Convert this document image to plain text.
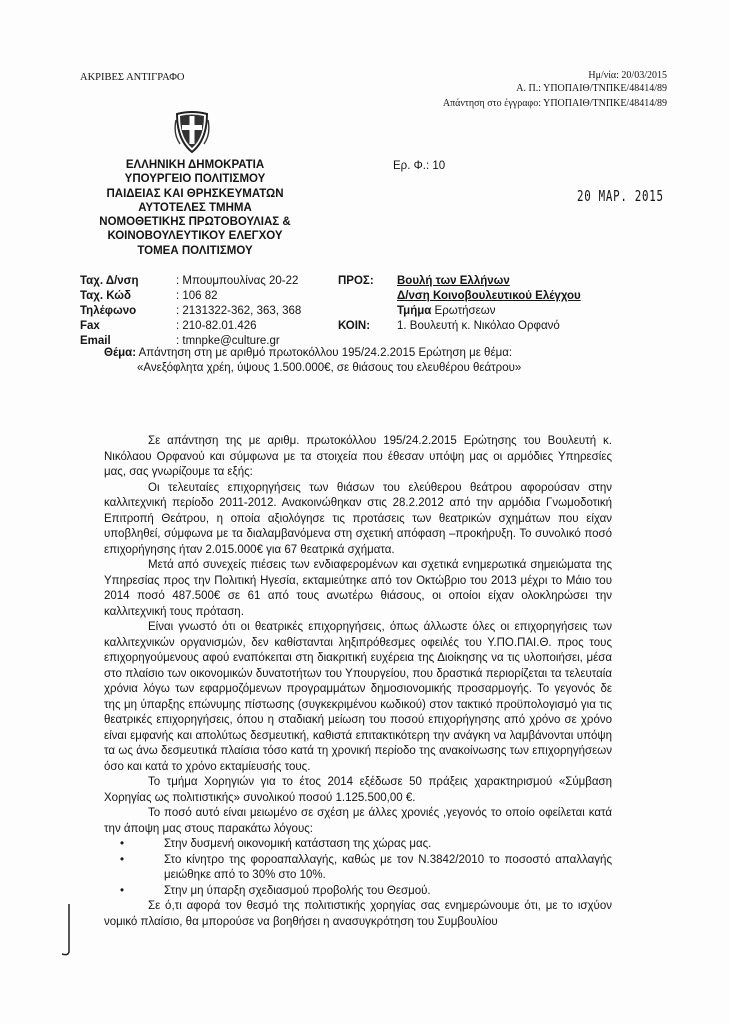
ΑΚΡΙΒΕΣ ΑΝΤΙΓΡΑΦΟ	Ημ/νία: 20/03/2015
Α. Π.: ΥΠΟΠΑΙΘ/ΤΝΠΚΕ/48414/89
Απάντηση στο έγγραφο: ΥΠΟΠΑΙΘ/ΤΝΠΚΕ/48414/89
ΕΛΛΗΝΙΚΗ ΔΗΜΟΚΡΑΤΙΑ
ΥΠΟΥΡΓΕΙΟ ΠΟΛΙΤΙΣΜΟΥ
ΠΑΙΔΕΙΑΣ ΚΑΙ ΘΡΗΣΚΕΥΜΑΤΩΝ
ΑΥΤΟΤΕΛΕΣ ΤΜΗΜΑ
ΝΟΜΟΘΕΤΙΚΗΣ ΠΡΩΤΟΒΟΥΛΙΑΣ &
ΚΟΙΝΟΒΟΥΛΕΥΤΙΚΟΥ ΕΛΕΓΧΟΥ
ΤΟΜΕΑ ΠΟΛΙΤΙΣΜΟΥ
Ερ. Φ.: 10
20 MAP. 2015
Ταχ. Δ/νση	: Μπουμπουλίνας 20-22
Ταχ. Κώδ	: 106 82
Τηλέφωνο	: 2131322-362, 363, 368
Fax	: 210-82.01.426
Email	: tmnpke@culture.gr
ΠΡΟΣ:	Βουλή των Ελλήνων
Δ/νση Κοινοβουλευτικού Ελέγχου
Τμήμα Ερωτήσεων
ΚΟΙΝ:	1. Βουλευτή κ. Νικόλαο Ορφανό
Θέμα: Απάντηση στη με αριθμό πρωτοκόλλου 195/24.2.2015 Ερώτηση με θέμα:
«Ανεξόφλητα χρέη, ύψους 1.500.000€, σε θιάσους του ελευθέρου θεάτρου»

Σε απάντηση της με αριθμ. πρωτοκόλλου 195/24.2.2015 Ερώτησης του Βουλευτή κ. Νικόλαου Ορφανού και σύμφωνα με τα στοιχεία που έθεσαν υπόψη μας οι αρμόδιες Υπηρεσίες μας, σας γνωρίζουμε τα εξής:

Οι τελευταίες επιχορηγήσεις των θιάσων του ελεύθερου θεάτρου αφορούσαν στην καλλιτεχνική περίοδο 2011-2012. Ανακοινώθηκαν στις 28.2.2012 από την αρμόδια Γνωμοδοτική Επιτροπή Θεάτρου, η οποία αξιολόγησε τις προτάσεις των θεατρικών σχημάτων που είχαν υποβληθεί, σύμφωνα με τα διαλαμβανόμενα στη σχετική απόφαση –προκήρυξη. Το συνολικό ποσό επιχορήγησης ήταν 2.015.000€ για 67 θεατρικά σχήματα.

Μετά από συνεχείς πιέσεις των ενδιαφερομένων και σχετικά ενημερωτικά σημειώματα της Υπηρεσίας προς την Πολιτική Ηγεσία, εκταμιεύτηκε από τον Οκτώβριο του 2013 μέχρι το Μάιο του 2014 ποσό 487.500€ σε 61 από τους ανωτέρω θιάσους, οι οποίοι είχαν ολοκληρώσει την καλλιτεχνική τους πρόταση.

Είναι γνωστό ότι οι θεατρικές επιχορηγήσεις, όπως άλλωστε όλες οι επιχορηγήσεις των καλλιτεχνικών οργανισμών, δεν καθίστανται ληξιπρόθεσμες οφειλές του Υ.ΠΟ.ΠΑΙ.Θ. προς τους επιχορηγούμενους αφού εναπόκειται στη διακριτική ευχέρεια της Διοίκησης να τις υλοποιήσει, μέσα στο πλαίσιο των οικονομικών δυνατοτήτων του Υπουργείου, που δραστικά περιορίζεται τα τελευταία χρόνια λόγω των εφαρμοζόμενων προγραμμάτων δημοσιονομικής προσαρμογής. Το γεγονός δε της μη ύπαρξης επώνυμης πίστωσης (συγκεκριμένου κωδικού) στον τακτικό προϋπολογισμό για τις θεατρικές επιχορηγήσεις, όπου η σταδιακή μείωση του ποσού επιχορήγησης από χρόνο σε χρόνο είναι εμφανής και απολύτως δεσμευτική, καθιστά επιτακτικότερη την ανάγκη να λαμβάνονται υπόψη τα ως άνω δεσμευτικά πλαίσια τόσο κατά τη χρονική περίοδο της ανακοίνωσης των επιχορηγήσεων όσο και κατά το χρόνο εκταμίευσής τους.

Το τμήμα Χορηγιών για το έτος 2014 εξέδωσε 50 πράξεις χαρακτηρισμού «Σύμβαση Χορηγίας ως πολιτιστικής» συνολικού ποσού 1.125.500,00 €.

Το ποσό αυτό είναι μειωμένο σε σχέση με άλλες χρονιές ,γεγονός το οποίο οφείλεται κατά την άποψη μας στους παρακάτω λόγους:

•	Στην δυσμενή οικονομική κατάσταση της χώρας μας.

•	Στο κίνητρο της φοροαπαλλαγής, καθώς με τον Ν.3842/2010 το ποσοστό απαλλαγής μειώθηκε από το 30% στο 10%.

•	Στην μη ύπαρξη σχεδιασμού προβολής του Θεσμού.

Σε ό,τι αφορά τον θεσμό της πολιτιστικής χορηγίας σας ενημερώνουμε ότι, με το ισχύον νομικό πλαίσιο, θα μπορούσε να βοηθήσει η ανασυγκρότηση του Συμβουλίου
